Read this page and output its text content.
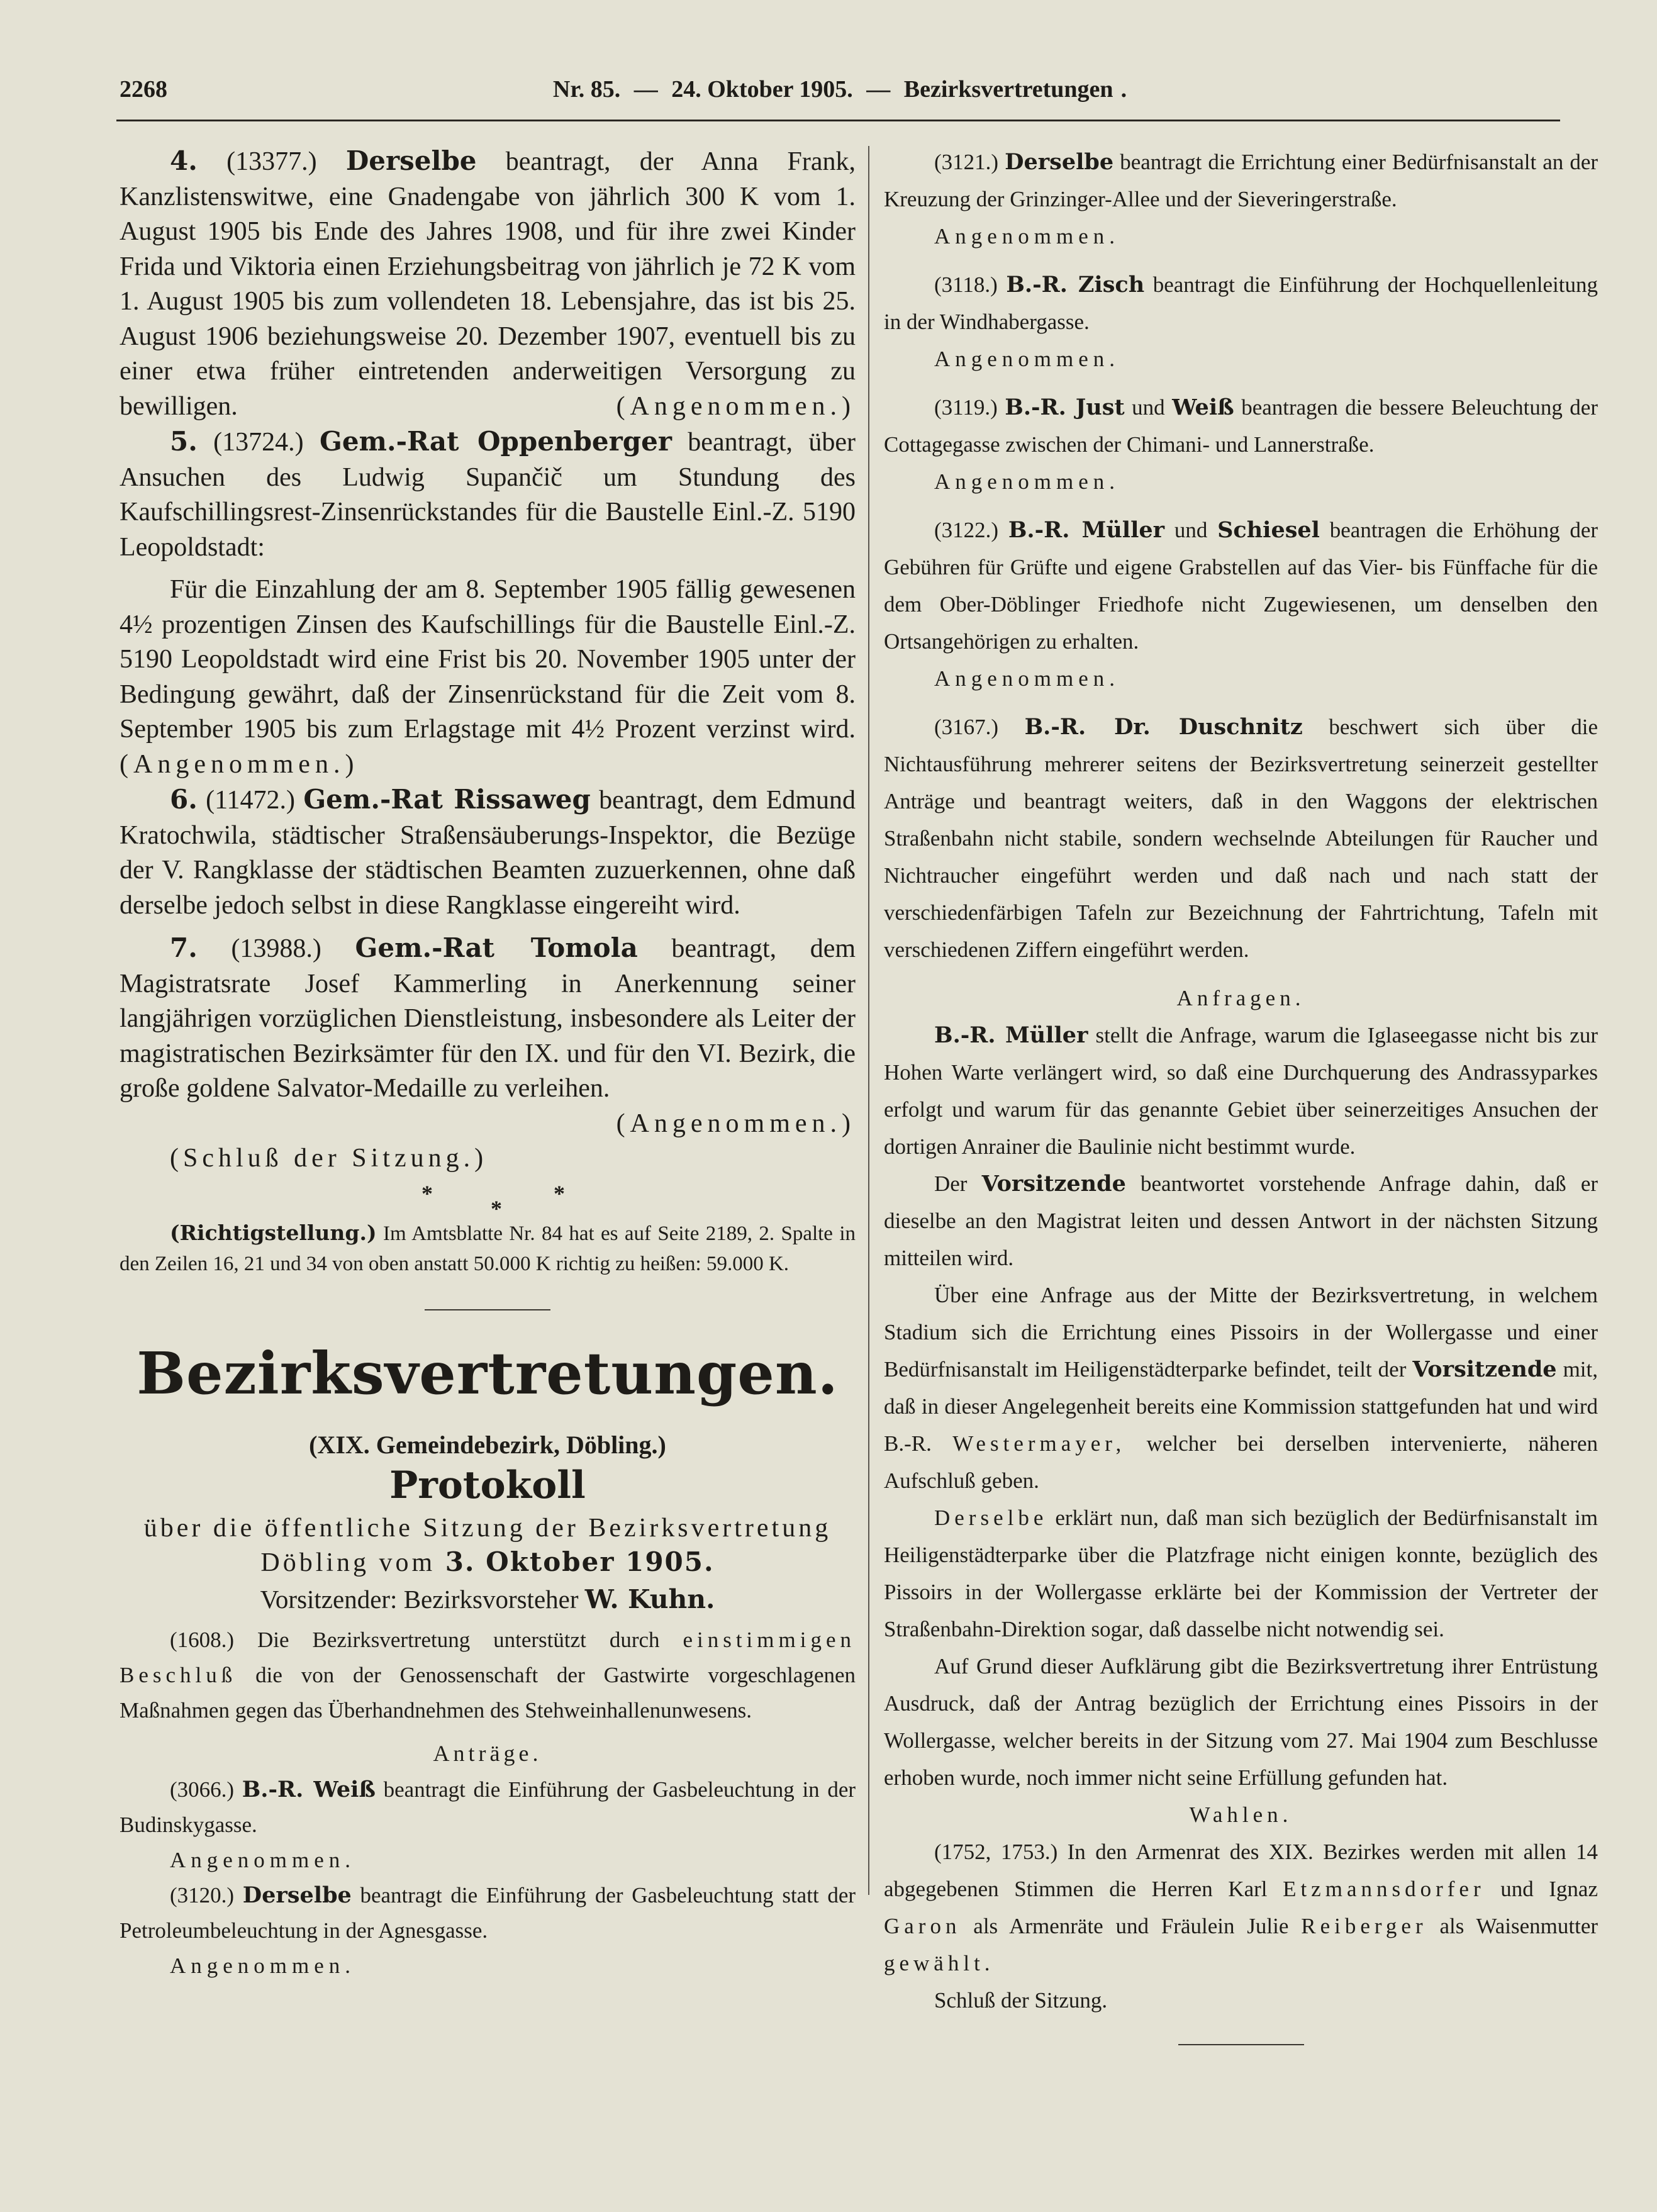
2268	Nr. 85. — 24. Oktober 1905. — Bezirksvertretungen .

4. (13377.) Derselbe beantragt, der Anna Frank, Kanzlistenswitwe, eine Gnadengabe von jährlich 300 K vom 1. August 1905 bis Ende des Jahres 1908, und für ihre zwei Kinder Frida und Viktoria einen Erziehungsbeitrag von jährlich je 72 K vom 1. August 1905 bis zum vollendeten 18. Lebensjahre, das ist bis 25. August 1906 beziehungsweise 20. Dezember 1907, eventuell bis zu einer etwa früher eintretenden anderweitigen Versorgung zu bewilligen.	(Angenommen.)

5. (13724.) Gem.-Rat Oppenberger beantragt, über Ansuchen des Ludwig Supančič um Stundung des Kaufschillingsrest-Zinsenrückstandes für die Baustelle Einl.-Z. 5190 Leopoldstadt:

Für die Einzahlung der am 8. September 1905 fällig gewesenen 4½ prozentigen Zinsen des Kaufschillings für die Baustelle Einl.-Z. 5190 Leopoldstadt wird eine Frist bis 20. November 1905 unter der Bedingung gewährt, daß der Zinsenrückstand für die Zeit vom 8. September 1905 bis zum Erlagstage mit 4½ Prozent verzinst wird. (Angenommen.)

6. (11472.) Gem.-Rat Rissaweg beantragt, dem Edmund Kratochwila, städtischer Straßensäuberungs-Inspektor, die Bezüge der V. Rangklasse der städtischen Beamten zuzuerkennen, ohne daß derselbe jedoch selbst in diese Rangklasse eingereiht wird.

7. (13988.) Gem.-Rat Tomola beantragt, dem Magistratsrate Josef Kammerling in Anerkennung seiner langjährigen vorzüglichen Dienstleistung, insbesondere als Leiter der magistratischen Bezirksämter für den IX. und für den VI. Bezirk, die große goldene Salvator-Medaille zu verleihen.

(Angenommen.)

(Schluß der Sitzung.)

*
*
*

(Richtigstellung.) Im Amtsblatte Nr. 84 hat es auf Seite 2189, 2. Spalte in den Zeilen 16, 21 und 34 von oben anstatt 50.000 K richtig zu heißen: 59.000 K.

Bezirksvertretungen.
(XIX. Gemeindebezirk, Döbling.)
Protokoll

über die öffentliche Sitzung der Bezirksvertretung

Döbling vom 3. Oktober 1905.

Vorsitzender: Bezirksvorsteher W. Kuhn.

(1608.) Die Bezirksvertretung unterstützt durch einstimmigen Beschluß die von der Genossenschaft der Gastwirte vorgeschlagenen Maßnahmen gegen das Überhandnehmen des Stehweinhallenunwesens.

Anträge.

(3066.) B.-R. Weiß beantragt die Einführung der Gasbeleuchtung in der Budinskygasse.

Angenommen.

(3120.) Derselbe beantragt die Einführung der Gasbeleuchtung statt der Petroleumbeleuchtung in der Agnesgasse.

Angenommen.

(3121.) Derselbe beantragt die Errichtung einer Bedürfnisanstalt an der Kreuzung der Grinzinger-Allee und der Sieveringerstraße.

Angenommen.

(3118.) B.-R. Zisch beantragt die Einführung der Hochquellenleitung in der Windhabergasse.

Angenommen.

(3119.) B.-R. Just und Weiß beantragen die bessere Beleuchtung der Cottagegasse zwischen der Chimani- und Lannerstraße.

Angenommen.

(3122.) B.-R. Müller und Schiesel beantragen die Erhöhung der Gebühren für Grüfte und eigene Grabstellen auf das Vier- bis Fünffache für die dem Ober-Döblinger Friedhofe nicht Zugewiesenen, um denselben den Ortsangehörigen zu erhalten.

Angenommen.

(3167.) B.-R. Dr. Duschnitz beschwert sich über die Nichtausführung mehrerer seitens der Bezirksvertretung seinerzeit gestellter Anträge und beantragt weiters, daß in den Waggons der elektrischen Straßenbahn nicht stabile, sondern wechselnde Abteilungen für Raucher und Nichtraucher eingeführt werden und daß nach und nach statt der verschiedenfärbigen Tafeln zur Bezeichnung der Fahrtrichtung, Tafeln mit verschiedenen Ziffern eingeführt werden.

Anfragen.

B.-R. Müller stellt die Anfrage, warum die Iglaseegasse nicht bis zur Hohen Warte verlängert wird, so daß eine Durchquerung des Andrassyparkes erfolgt und warum für das genannte Gebiet über seinerzeitiges Ansuchen der dortigen Anrainer die Baulinie nicht bestimmt wurde.

Der Vorsitzende beantwortet vorstehende Anfrage dahin, daß er dieselbe an den Magistrat leiten und dessen Antwort in der nächsten Sitzung mitteilen wird.

Über eine Anfrage aus der Mitte der Bezirksvertretung, in welchem Stadium sich die Errichtung eines Pissoirs in der Wollergasse und einer Bedürfnisanstalt im Heiligenstädterparke befindet, teilt der Vorsitzende mit, daß in dieser Angelegenheit bereits eine Kommission stattgefunden hat und wird B.-R. Westermayer, welcher bei derselben intervenierte, näheren Aufschluß geben.

Derselbe erklärt nun, daß man sich bezüglich der Bedürfnisanstalt im Heiligenstädterparke über die Platzfrage nicht einigen konnte, bezüglich des Pissoirs in der Wollergasse erklärte bei der Kommission der Vertreter der Straßenbahn-Direktion sogar, daß dasselbe nicht notwendig sei.

Auf Grund dieser Aufklärung gibt die Bezirksvertretung ihrer Entrüstung Ausdruck, daß der Antrag bezüglich der Errichtung eines Pissoirs in der Wollergasse, welcher bereits in der Sitzung vom 27. Mai 1904 zum Beschlusse erhoben wurde, noch immer nicht seine Erfüllung gefunden hat.

Wahlen.

(1752, 1753.) In den Armenrat des XIX. Bezirkes werden mit allen 14 abgegebenen Stimmen die Herren Karl Etzmannsdorfer und Ignaz Garon als Armenräte und Fräulein Julie Reiberger als Waisenmutter gewählt.

Schluß der Sitzung.
